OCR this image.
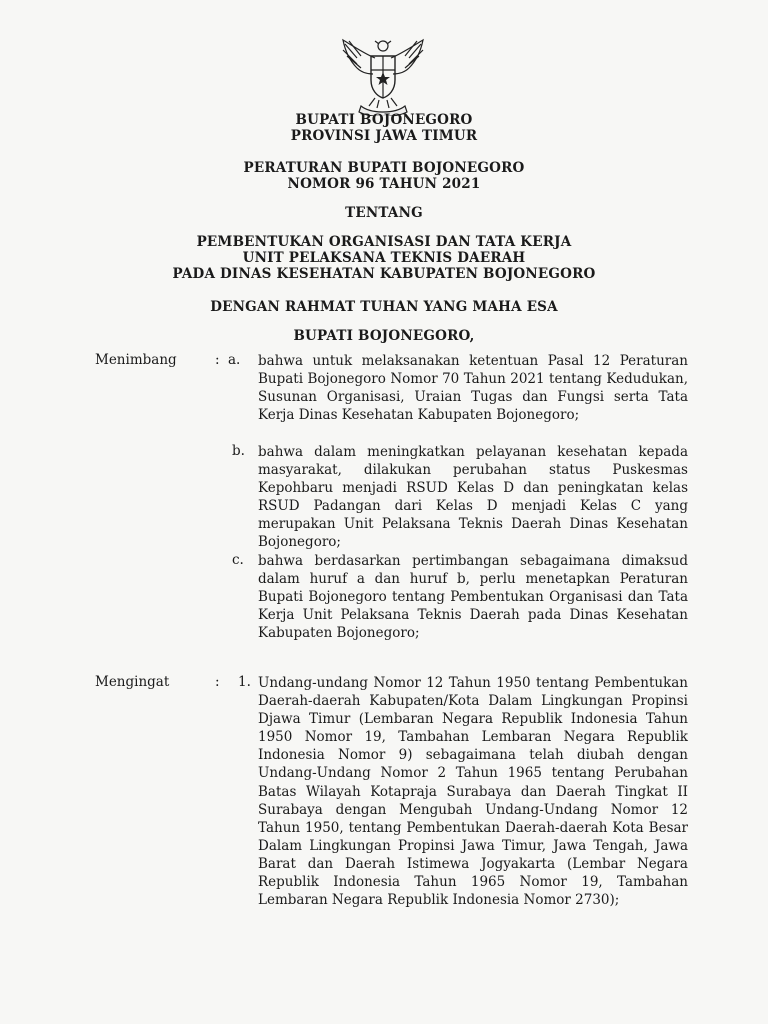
BUPATI BOJONEGORO
PROVINSI JAWA TIMUR
PERATURAN BUPATI BOJONEGORO
NOMOR 96 TAHUN 2021
TENTANG
PEMBENTUKAN ORGANISASI DAN TATA KERJA
UNIT PELAKSANA TEKNIS DAERAH
PADA DINAS KESEHATAN KABUPATEN BOJONEGORO
DENGAN RAHMAT TUHAN YANG MAHA ESA
BUPATI BOJONEGORO,
Menimbang	: a. bahwa untuk melaksanakan ketentuan Pasal 12 Peraturan Bupati Bojonegoro Nomor 70 Tahun 2021 tentang Kedudukan, Susunan Organisasi, Uraian Tugas dan Fungsi serta Tata Kerja Dinas Kesehatan Kabupaten Bojonegoro;
b. bahwa dalam meningkatkan pelayanan kesehatan kepada masyarakat, dilakukan perubahan status Puskesmas Kepohbaru menjadi RSUD Kelas D dan peningkatan kelas RSUD Padangan dari Kelas D menjadi Kelas C yang merupakan Unit Pelaksana Teknis Daerah Dinas Kesehatan Bojonegoro;
c. bahwa berdasarkan pertimbangan sebagaimana dimaksud dalam huruf a dan huruf b, perlu menetapkan Peraturan Bupati Bojonegoro tentang Pembentukan Organisasi dan Tata Kerja Unit Pelaksana Teknis Daerah pada Dinas Kesehatan Kabupaten Bojonegoro;
Mengingat	: 1. Undang-undang Nomor 12 Tahun 1950 tentang Pembentukan Daerah-daerah Kabupaten/Kota Dalam Lingkungan Propinsi Djawa Timur (Lembaran Negara Republik Indonesia Tahun 1950 Nomor 19, Tambahan Lembaran Negara Republik Indonesia Nomor 9) sebagaimana telah diubah dengan Undang-Undang Nomor 2 Tahun 1965 tentang Perubahan Batas Wilayah Kotapraja Surabaya dan Daerah Tingkat II Surabaya dengan Mengubah Undang-Undang Nomor 12 Tahun 1950, tentang Pembentukan Daerah-daerah Kota Besar Dalam Lingkungan Propinsi Jawa Timur, Jawa Tengah, Jawa Barat dan Daerah Istimewa Jogyakarta (Lembar Negara Republik Indonesia Tahun 1965 Nomor 19, Tambahan Lembaran Negara Republik Indonesia Nomor 2730);
